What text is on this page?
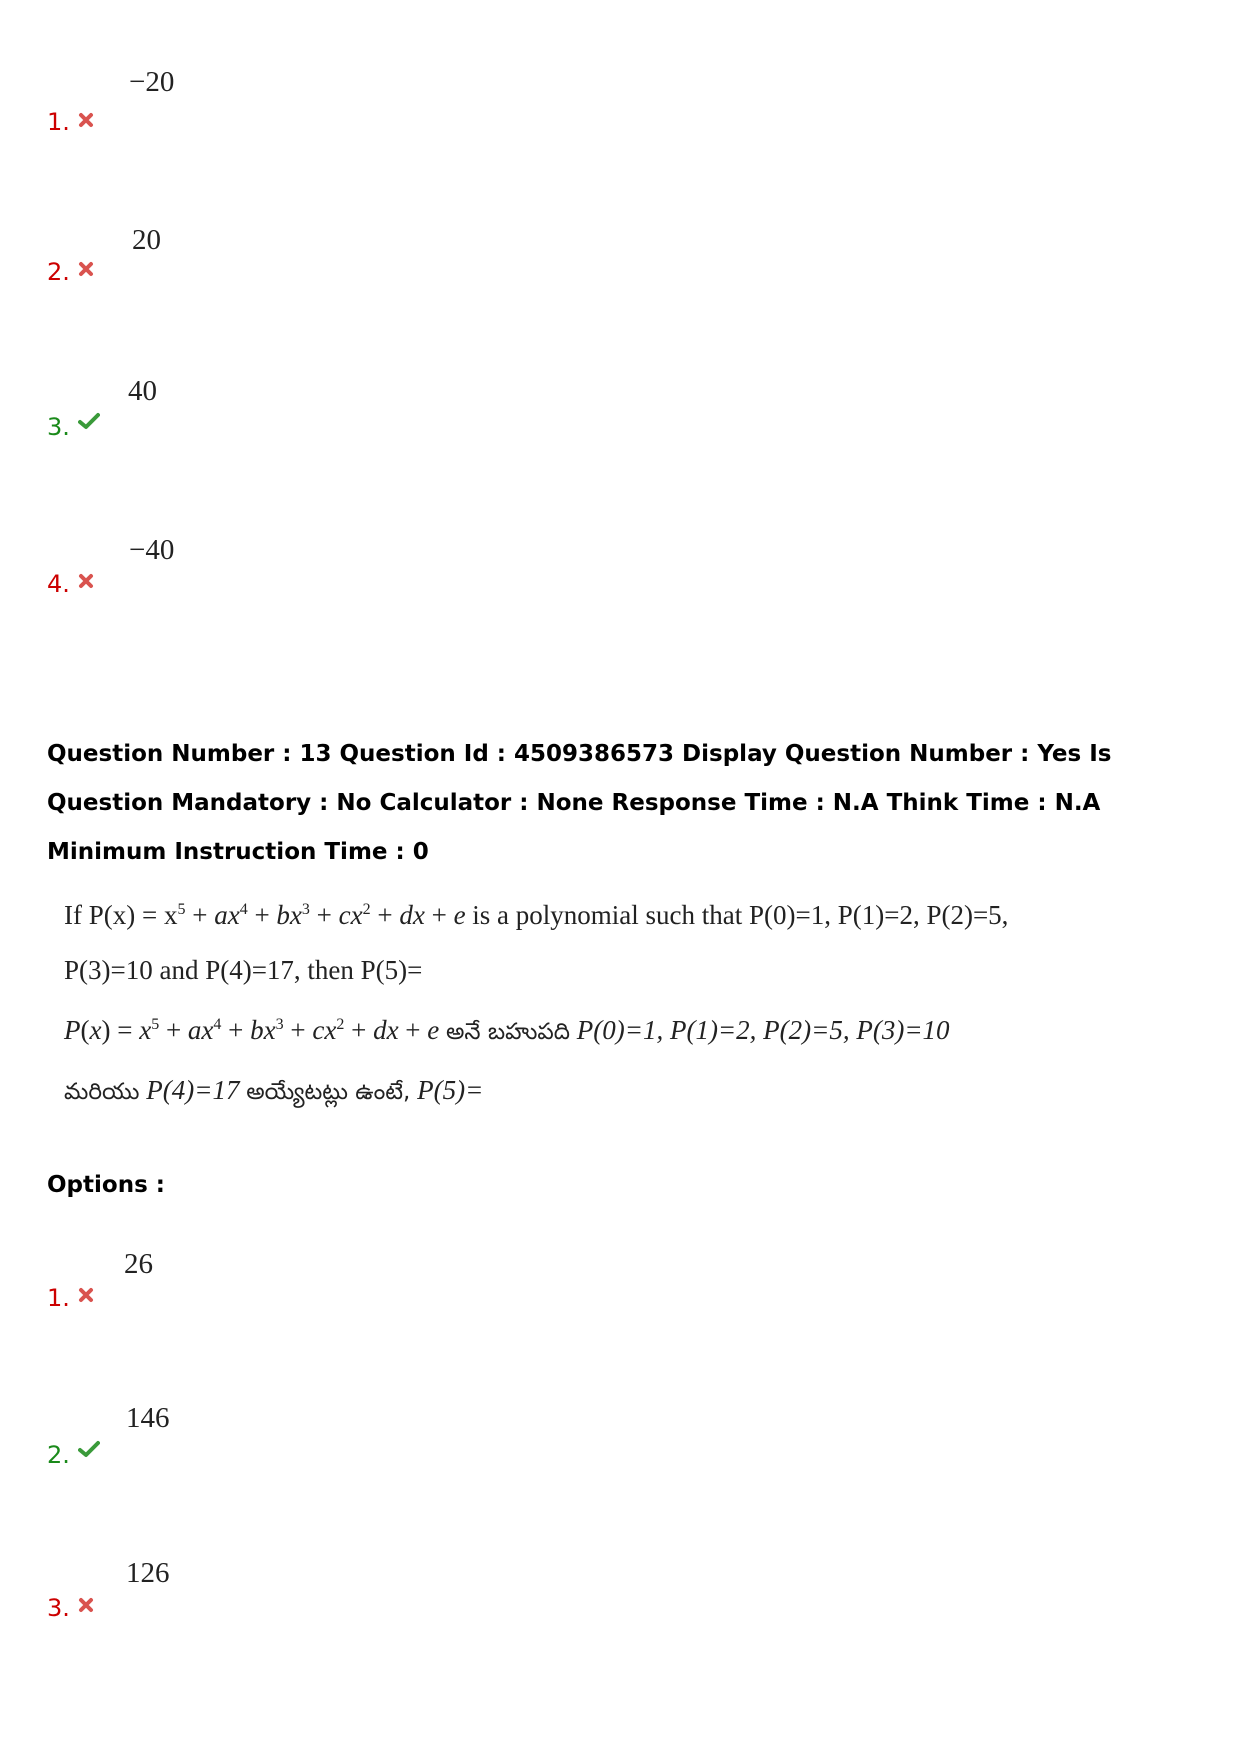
−20
1.
20
2.
40
3.
−40
4.
Question Number : 13 Question Id : 4509386573 Display Question Number : Yes Is Question Mandatory : No Calculator : None Response Time : N.A Think Time : N.A Minimum Instruction Time : 0
If $P(x) = x^5 + ax^4 + bx^3 + cx^2$ + dx + e is a polynomial such that P(0)=1, P(1)=2, P(2)=5,
P(3)=10 and P(4)=17, then P(5)=
$P(x) = x^5 + ax^4 + bx^3 + cx^2$ + dx + e అనే బహుపది P(0)=1, P(1)=2, P(2)=5, P(3)=10
మరియు P(4)=17 అయ్యేటట్లు ఉంటే, P(5)=
Options :
26
1.
146
2.
126
3.
